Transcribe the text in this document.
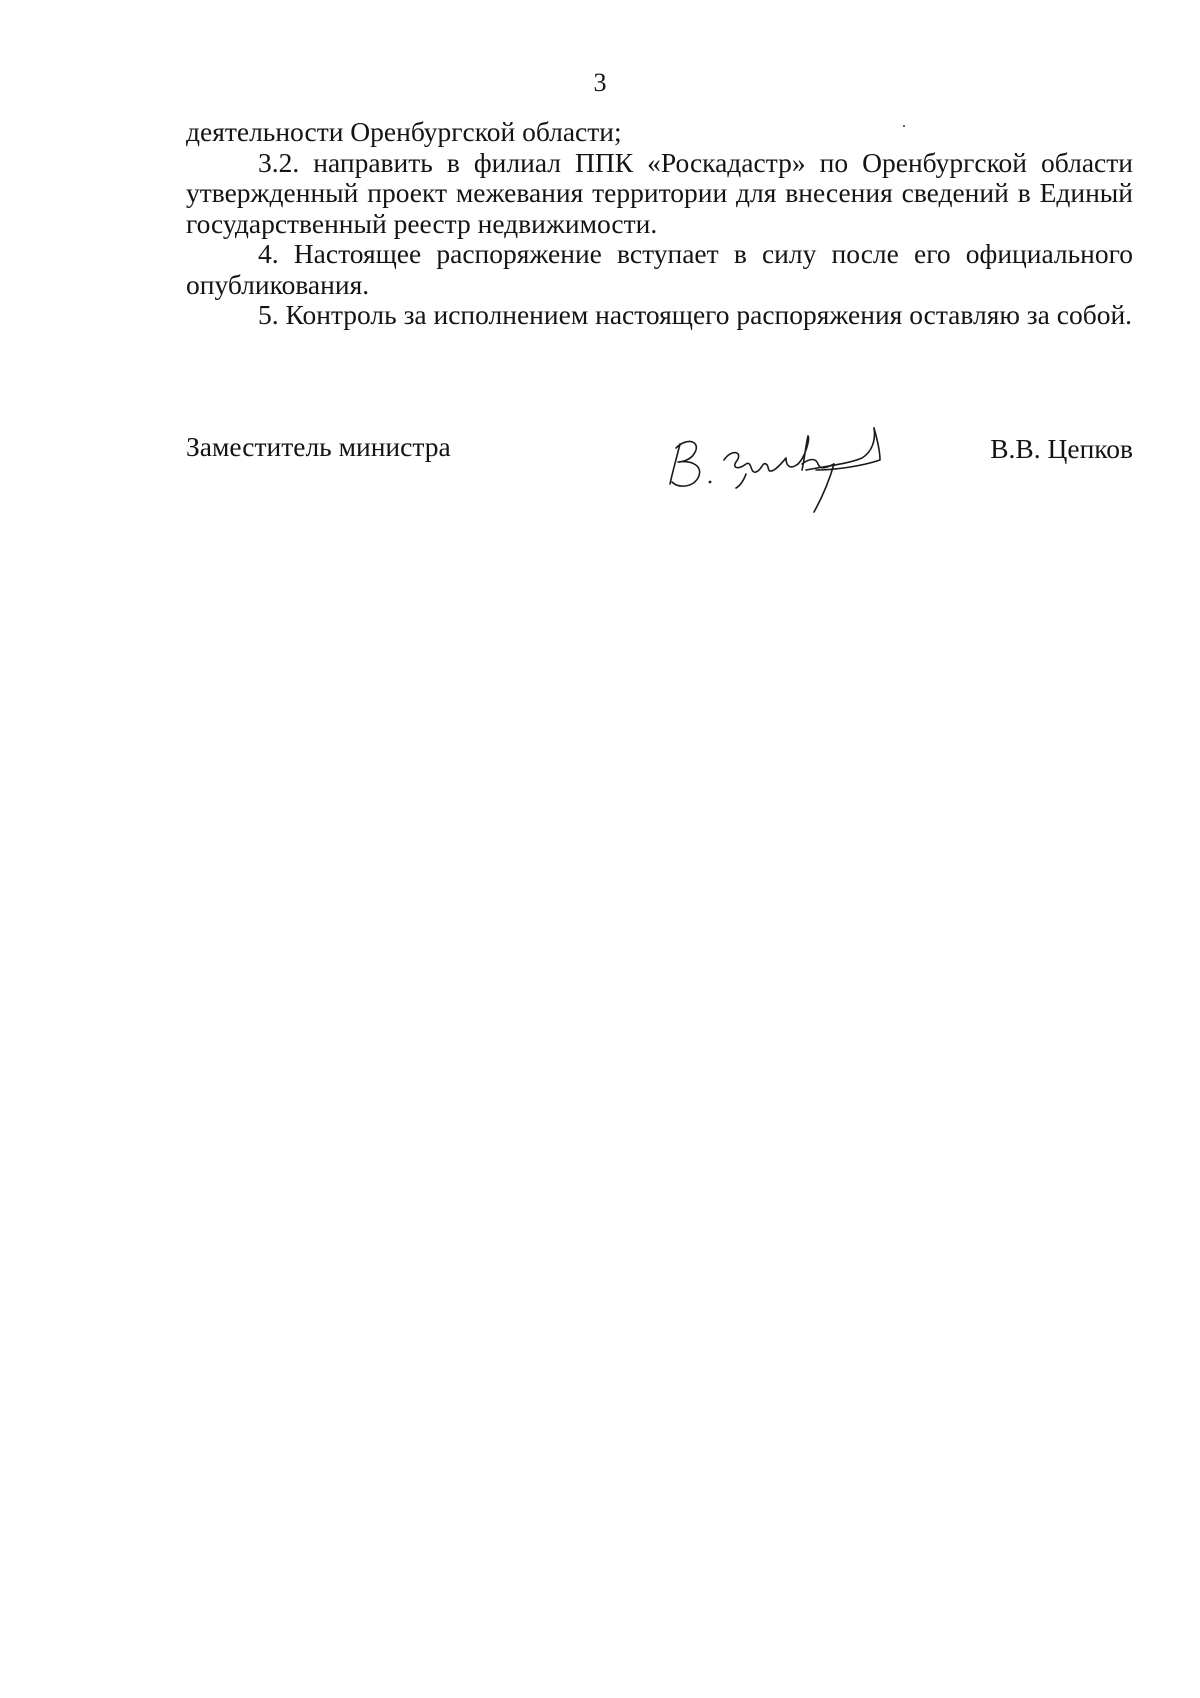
3

деятельности Оренбургской области;

3.2. направить в филиал ППК «Роскадастр» по Оренбургской области утвержденный проект межевания территории для внесения сведений в Единый государственный реестр недвижимости.

4. Настоящее распоряжение вступает в силу после его официального опубликования.

5. Контроль за исполнением настоящего распоряжения оставляю за собой.

Заместитель министра	В.В. Цепков
